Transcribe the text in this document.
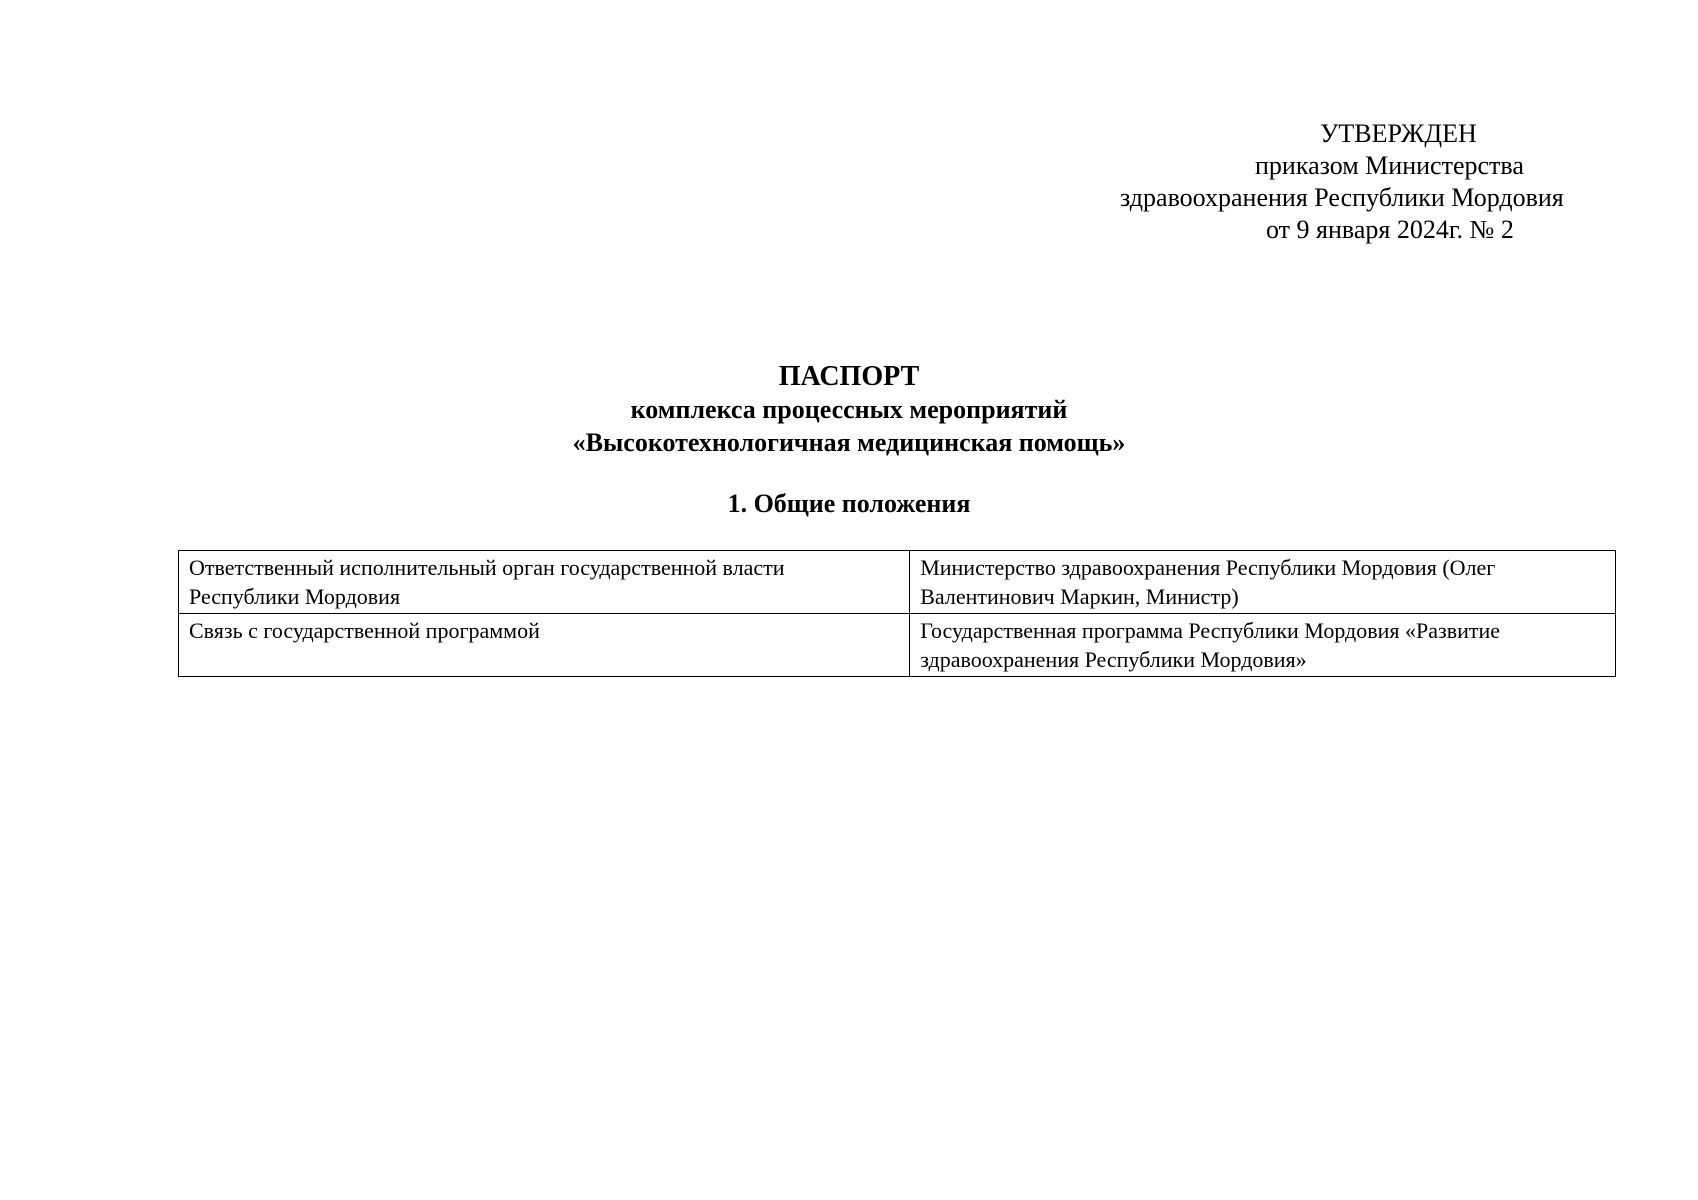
УТВЕРЖДЕН
приказом Министерства
здравоохранения Республики Мордовия
от 9 января 2024г. № 2
ПАСПОРТ
комплекса процессных мероприятий
«Высокотехнологичная медицинская помощь»
1. Общие положения
Ответственный исполнительный орган государственной власти Республики Мордовия	Министерство здравоохранения Республики Мордовия (Олег Валентинович Маркин, Министр)
Связь с государственной программой	Государственная программа Республики Мордовия «Развитие здравоохранения Республики Мордовия»
